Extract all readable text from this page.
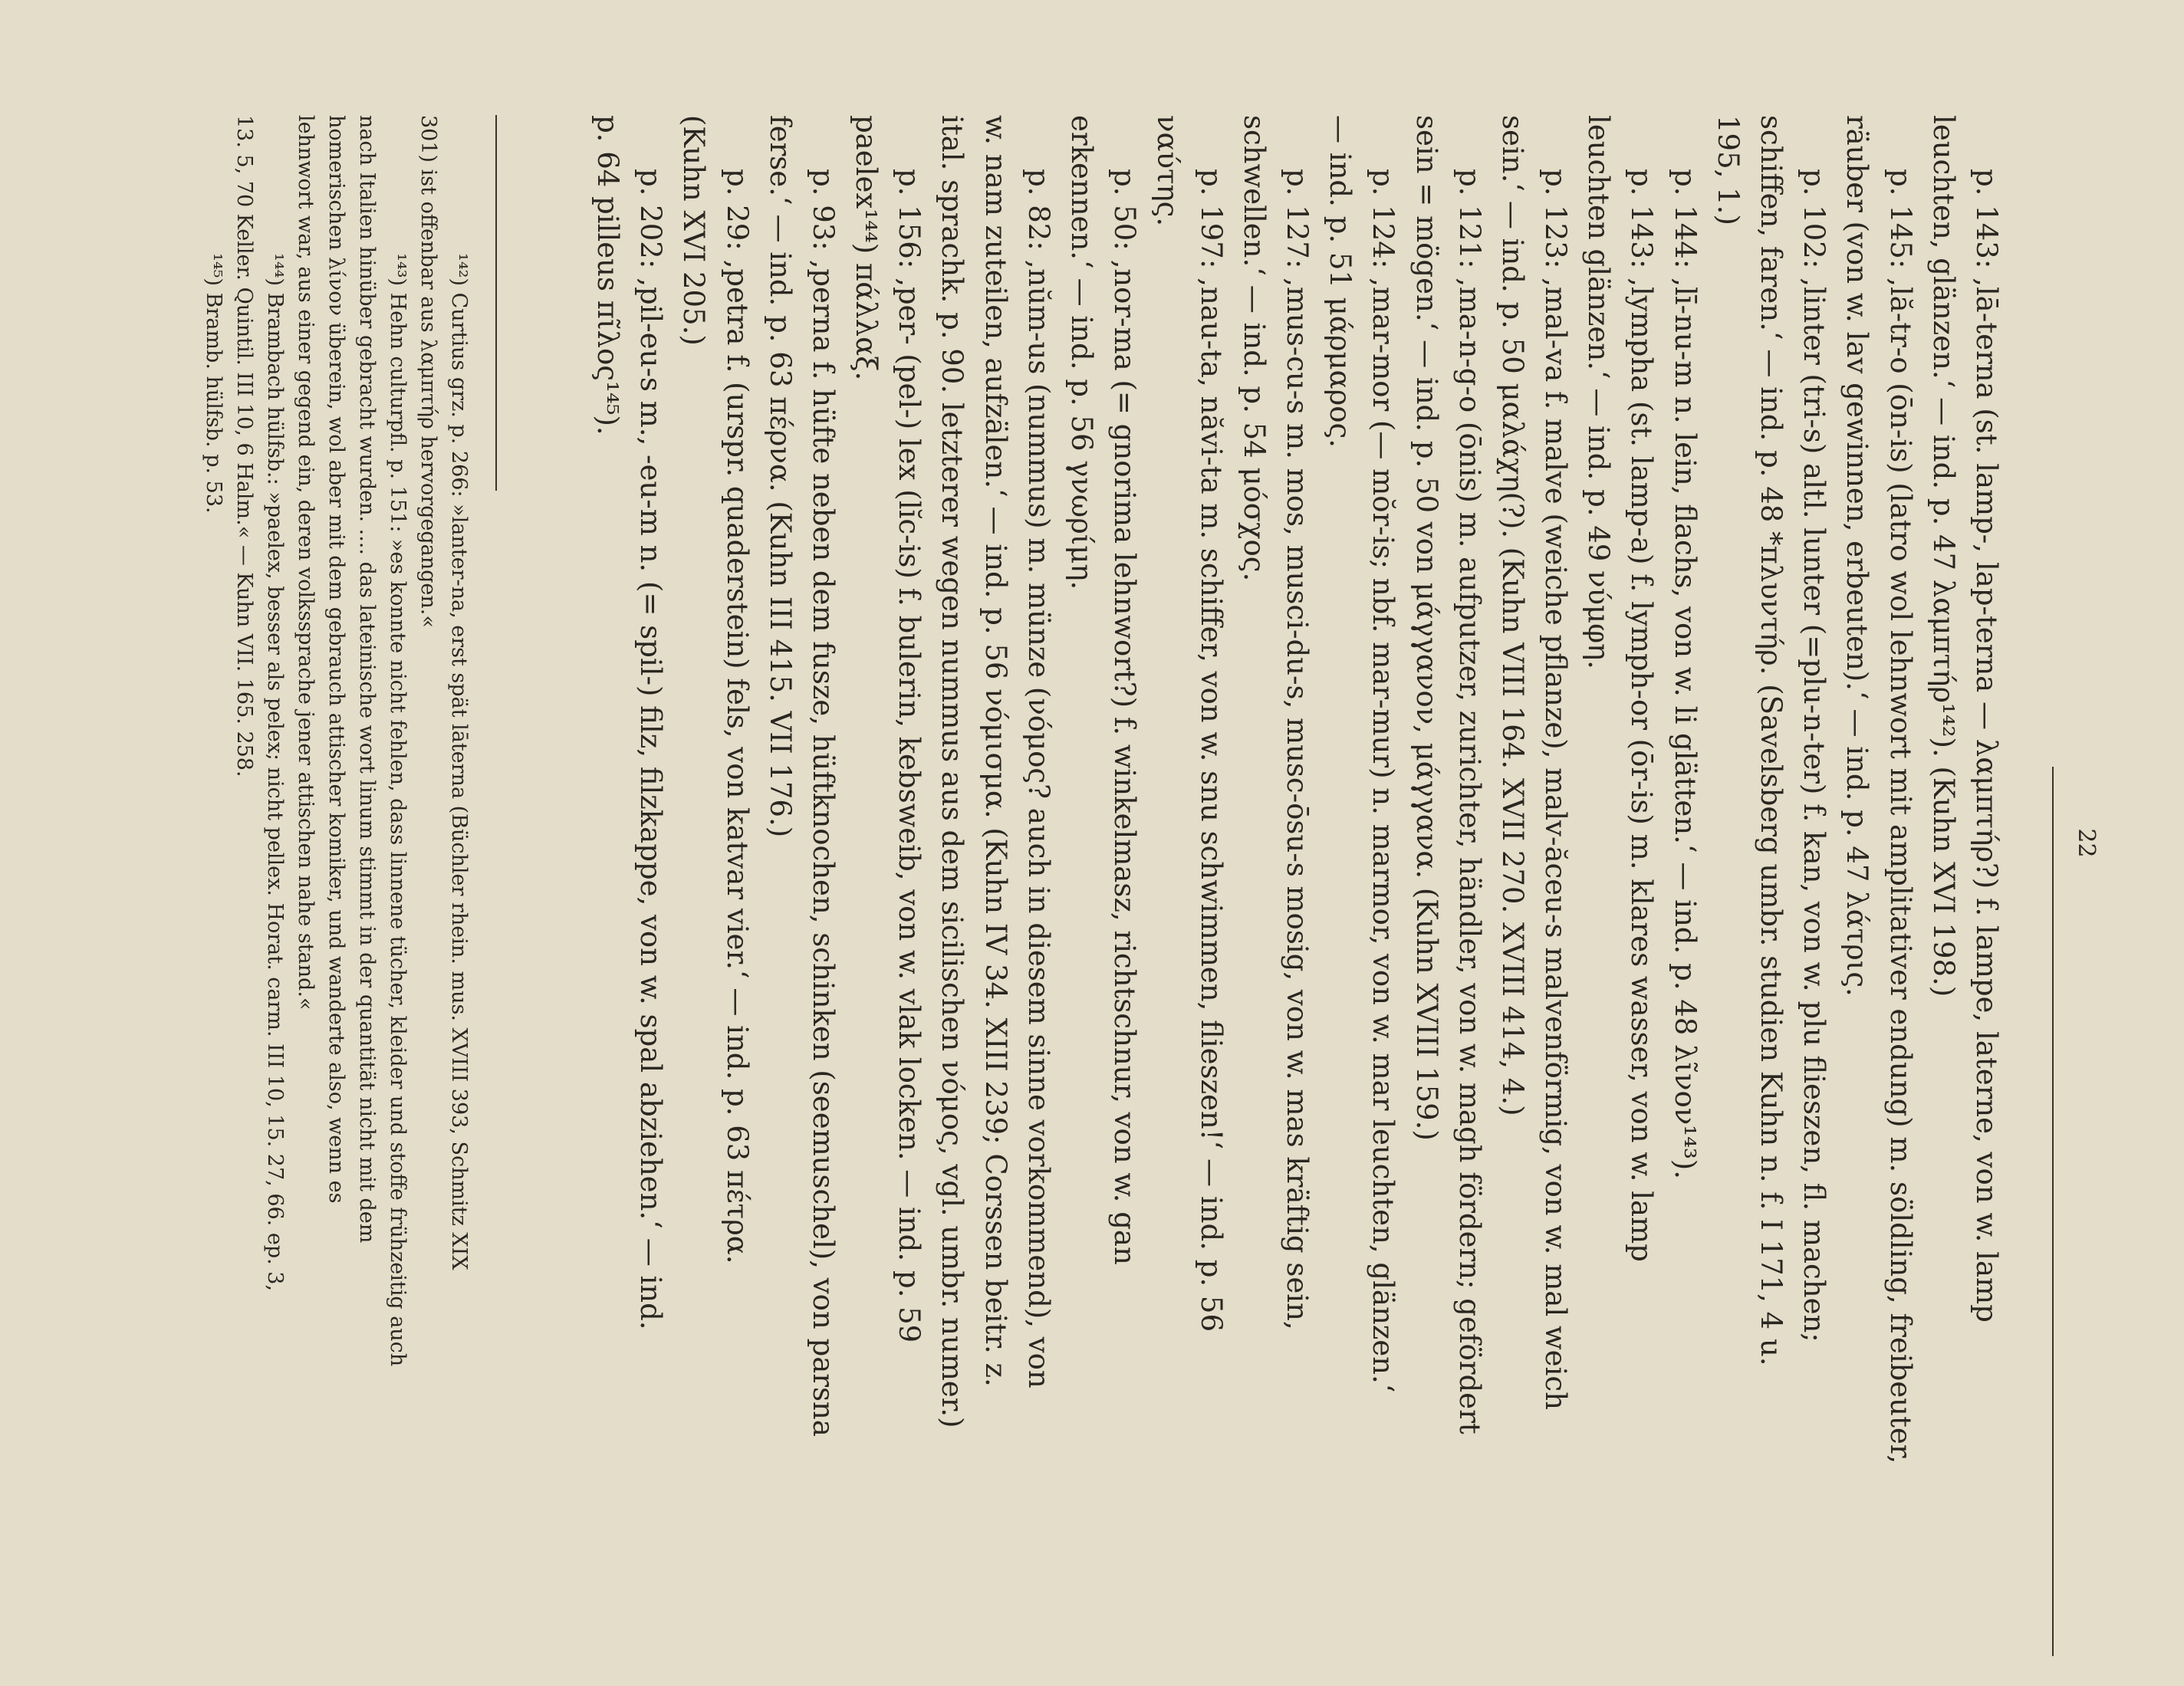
22
p. 143: ‚lā-terna (st. lamp-, lap-terna — λαμπτήρ?) f. lampe, laterne, von w. lamp
leuchten, glänzen.‘ — ind. p. 47 λαμπτήρ¹⁴²). (Kuhn XVI 198.)
p. 145: ‚lă-tr-o (ōn-is) (latro wol lehnwort mit amplitativer endung) m. söldling, freibeuter,
räuber (von w. lav gewinnen, erbeuten).‘ — ind. p. 47 λάτρις.
p. 102: ‚linter (tri-s) altl. lunter (=plu-n-ter) f. kan, von w. plu flieszen, fl. machen;
schiffen, faren.‘ — ind. p. 48 *πλυντήρ. (Savelsberg umbr. studien Kuhn n. f. I 171, 4 u.
195, 1.)
p. 144: ‚lī-nu-m n. lein, flachs, von w. li glätten.‘ — ind. p. 48 λῖνον¹⁴³).
p. 143: ‚lympha (st. lamp-a) f. lymph-or (ōr-is) m. klares wasser, von w. lamp
leuchten glänzen.‘ — ind. p. 49 νύμφη.
p. 123: ‚mal-va f. malve (weiche pflanze), malv-ăceu-s malvenförmig, von w. mal weich
sein.‘ — ind. p. 50 μαλάχη(?). (Kuhn VIII 164. XVII 270. XVIII 414, 4.)
p. 121: ‚ma-n-g-o (ōnis) m. aufputzer, zurichter, händler, von w. magh fördern; gefördert
sein = mögen.‘ — ind. p. 50 von μάγγανον, μάγγανα. (Kuhn XVIII 159.)
p. 124: ‚mar-mor (— mŏr-is; nbf. mar-mur) n. marmor, von w. mar leuchten, glänzen.‘
— ind. p. 51 μάρμαρος.
p. 127: ‚mus-cu-s m. mos, musci-du-s, musc-ōsu-s mosig, von w. mas kräftig sein,
schwellen.‘ — ind. p. 54 μόσχος.
p. 197: ‚nau-ta, năvi-ta m. schiffer, von w. snu schwimmen, flieszen!‘ — ind. p. 56
ναύτης.
p. 50: ‚nor-ma (= gnorima lehnwort?) f. winkelmasz, richtschnur, von w. gan
erkennen.‘ — ind. p. 56 γνωρίμη.
p. 82: ‚nŭm-us (nummus) m. münze (νόμος? auch in diesem sinne vorkommend), von
w. nam zuteilen, aufzälen.‘ — ind. p. 56 νόμισμα. (Kuhn IV 34. XIII 239; Corssen beitr. z.
ital. sprachk. p. 90. letzterer wegen nummus aus dem sicilischen νόμος, vgl. umbr. numer.)
p. 156: ‚per- (pel-) lex (lĭc-is) f. bulerin, kebsweib, von w. vlak locken. — ind. p. 59
paelex¹⁴⁴) πάλλαξ.
p. 93: ‚perna f. hüfte neben dem fusze, hüftknochen, schinken (seemuschel), von parsna
ferse.‘ — ind. p. 63 πέρνα. (Kuhn III 415. VII 176.)
p. 29: ‚petra f. (urspr. quaderstein) fels, von katvar vier.‘ — ind. p. 63 πέτρα.
(Kuhn XVI 205.)
p. 202: ‚pil-eu-s m., -eu-m n. (= spil-) filz, filzkappe, von w. spal abziehen.‘ — ind.
p. 64 pilleus πῖλος¹⁴⁵).
¹⁴²) Curtius grz. p. 266: »lanter-na, erst spät lāterna (Büchler rhein. mus. XVIII 393, Schmitz XIX
301) ist offenbar aus λαμπτήρ hervorgegangen.«
¹⁴³) Hehn culturpfl. p. 151: »es konnte nicht fehlen, dass linnene tücher, kleider und stoffe frühzeitig auch
nach Italien hinüber gebracht wurden. .... das lateinische wort linum stimmt in der quantität nicht mit dem
homerischen λίνον überein, wol aber mit dem gebrauch attischer komiker, und wanderte also, wenn es
lehnwort war, aus einer gegend ein, deren volkssprache jener attischen nahe stand.«
¹⁴⁴) Brambach hülfsb.: »paelex, besser als pelex; nicht pellex. Horat. carm. III 10, 15. 27, 66. ep. 3,
13. 5, 70 Keller. Quintil. III 10, 6 Halm.« — Kuhn VII. 165. 258.
¹⁴⁵) Bramb. hülfsb. p. 53.
